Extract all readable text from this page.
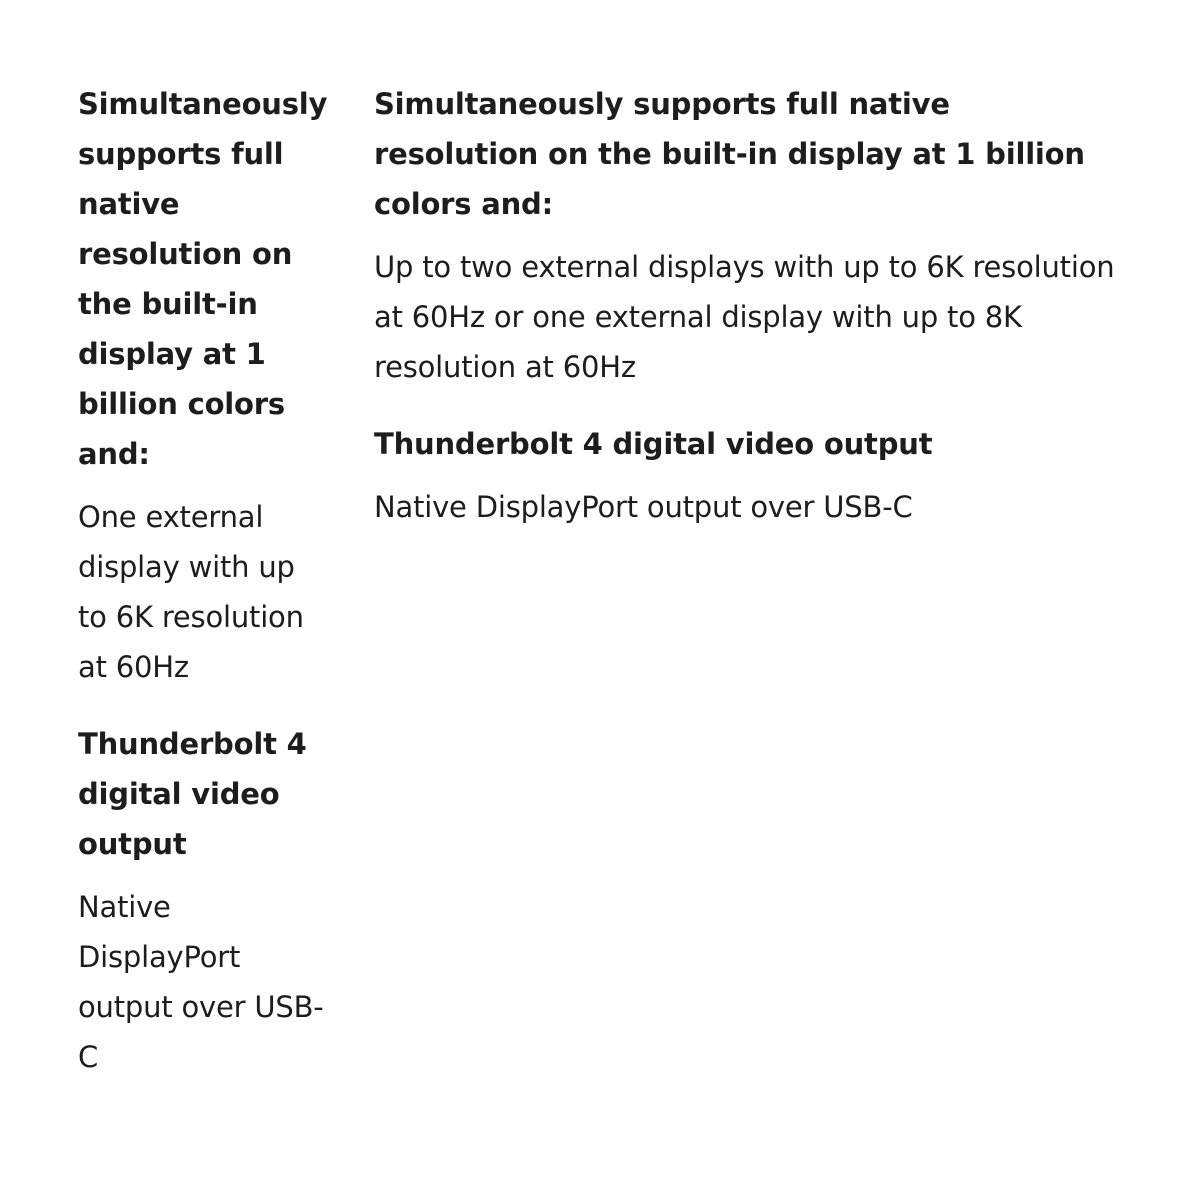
Simultaneously supports full native resolution on the built-in display at 1 billion colors and:

One external display with up to 6K resolution at 60Hz

Thunderbolt 4 digital video output

Native DisplayPort output over USB-C

Simultaneously supports full native resolution on the built-in display at 1 billion colors and:

Up to two external displays with up to 6K resolution at 60Hz or one external display with up to 8K resolution at 60Hz

Thunderbolt 4 digital video output

Native DisplayPort output over USB-C
